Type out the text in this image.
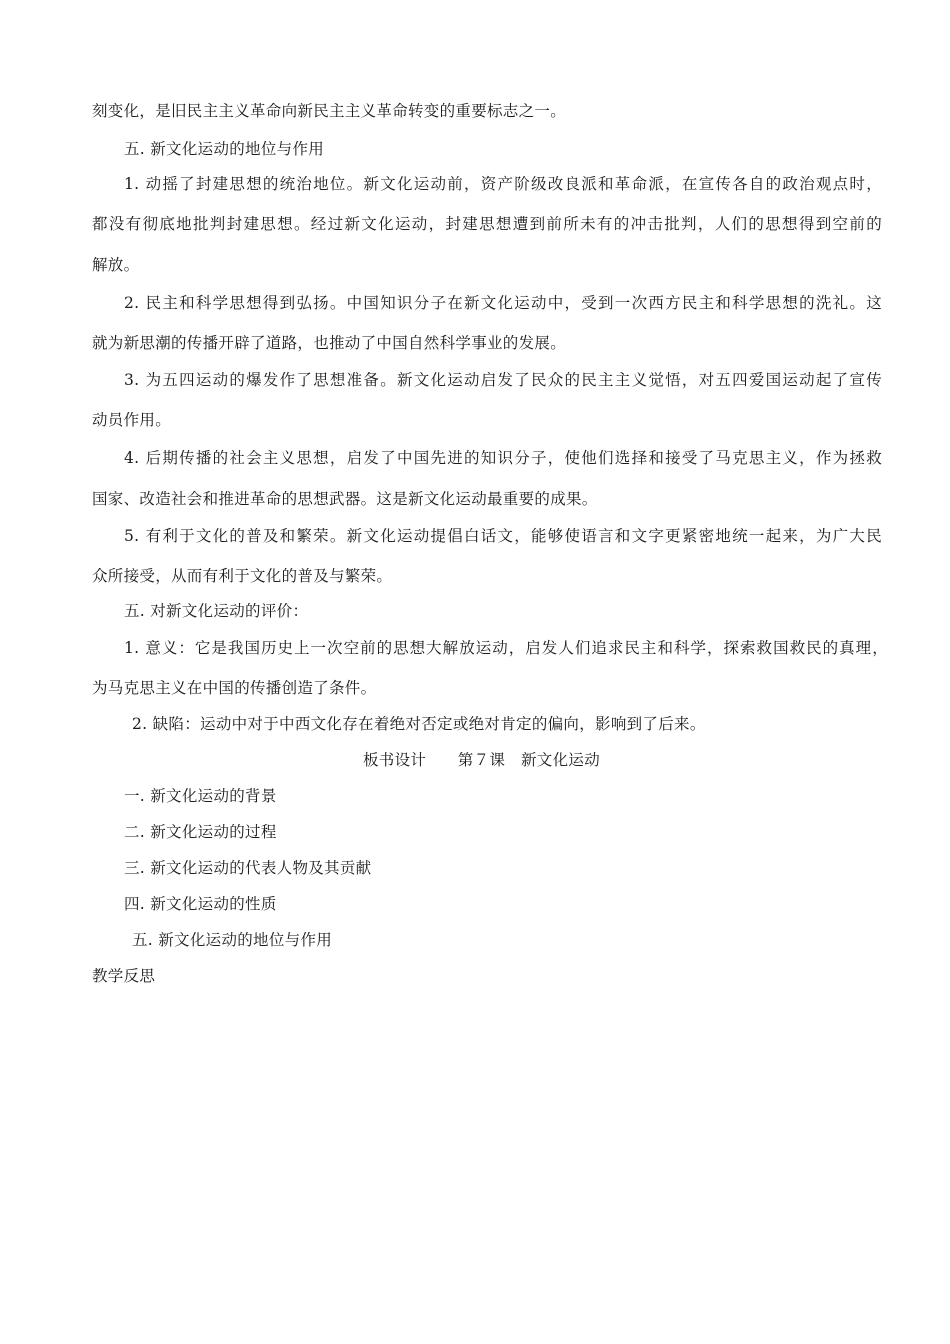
刻变化，是旧民主主义革命向新民主主义革命转变的重要标志之一。
五. 新文化运动的地位与作用
1. 动摇了封建思想的统治地位。新文化运动前，资产阶级改良派和革命派，在宣传各自的政治观点时，
都没有彻底地批判封建思想。经过新文化运动，封建思想遭到前所未有的冲击批判，人们的思想得到空前的
解放。
2. 民主和科学思想得到弘扬。中国知识分子在新文化运动中，受到一次西方民主和科学思想的洗礼。这
就为新思潮的传播开辟了道路，也推动了中国自然科学事业的发展。
3. 为五四运动的爆发作了思想准备。新文化运动启发了民众的民主主义觉悟，对五四爱国运动起了宣传
动员作用。
4. 后期传播的社会主义思想，启发了中国先进的知识分子，使他们选择和接受了马克思主义，作为拯救
国家、改造社会和推进革命的思想武器。这是新文化运动最重要的成果。
5. 有利于文化的普及和繁荣。新文化运动提倡白话文，能够使语言和文字更紧密地统一起来，为广大民
众所接受，从而有利于文化的普及与繁荣。
五. 对新文化运动的评价：
1. 意义：它是我国历史上一次空前的思想大解放运动，启发人们追求民主和科学，探索救国救民的真理，
为马克思主义在中国的传播创造了条件。
2. 缺陷：运动中对于中西文化存在着绝对否定或绝对肯定的偏向，影响到了后来。
板书设计　　第７课　新文化运动
一. 新文化运动的背景
二. 新文化运动的过程
三. 新文化运动的代表人物及其贡献
四. 新文化运动的性质
五. 新文化运动的地位与作用
教学反思
